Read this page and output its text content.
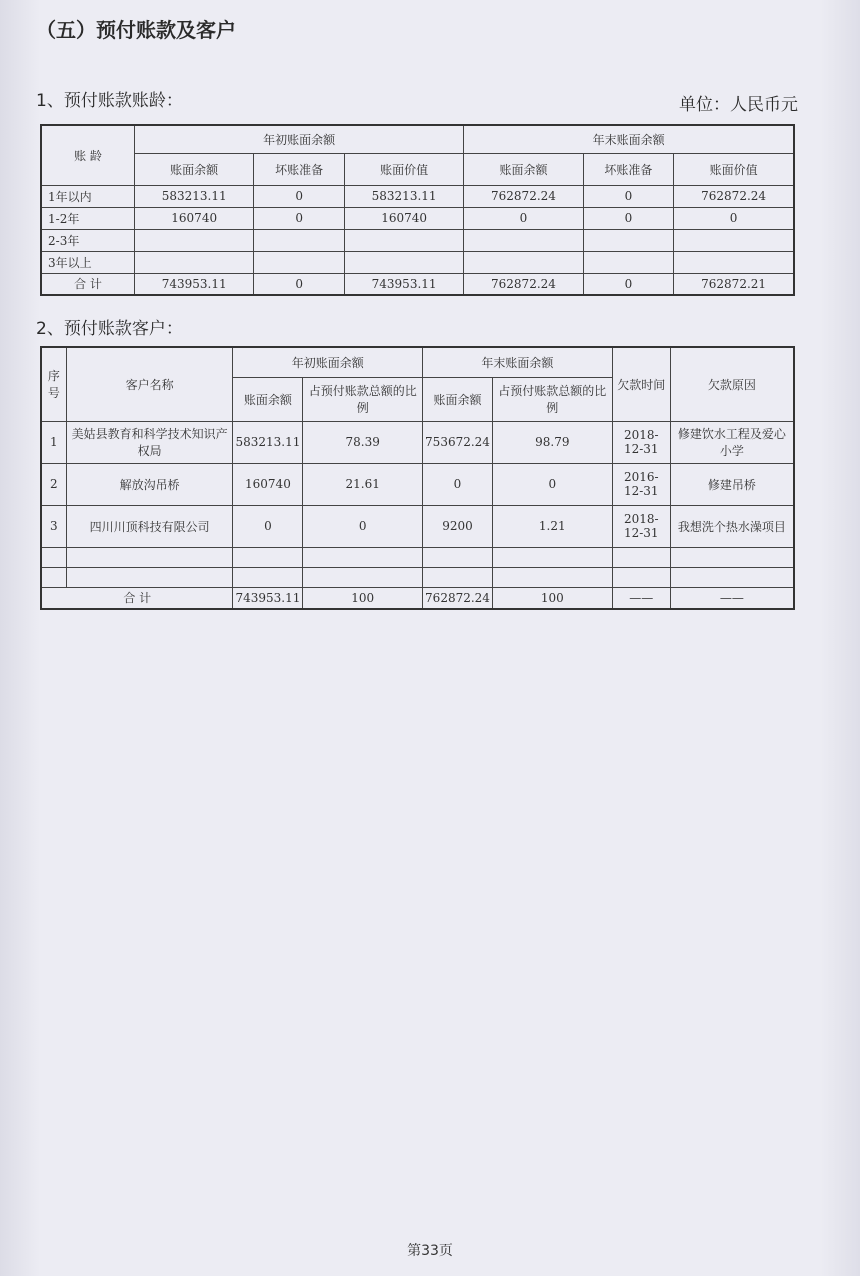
（五）预付账款及客户
1、预付账款账龄：	单位：人民币元
账 龄	年初账面余额			年末账面余额		
	账面余额	坏账准备	账面价值	账面余额	坏账准备	账面价值
1年以内	583213.11	0	583213.11	762872.24	0	762872.24
1-2年	160740	0	160740	0	0	0
2-3年						
3年以上						
合 计	743953.11	0	743953.11	762872.24	0	762872.21
2、预付账款客户：
序号	客户名称	年初账面余额		年末账面余额		欠款时间	欠款原因
		账面余额	占预付账款总额的比例	账面余额	占预付账款总额的比例		
1	美姑县教育和科学技术知识产权局	583213.11	78.39	753672.24	98.79	2018-12-31	修建饮水工程及爱心小学
2	解放沟吊桥	160740	21.61	0	0	2016-12-31	修建吊桥
3	四川川顶科技有限公司	0	0	9200	1.21	2018-12-31	我想洗个热水澡项目

合 计		743953.11	100	762872.24	100	——	——
第33页
